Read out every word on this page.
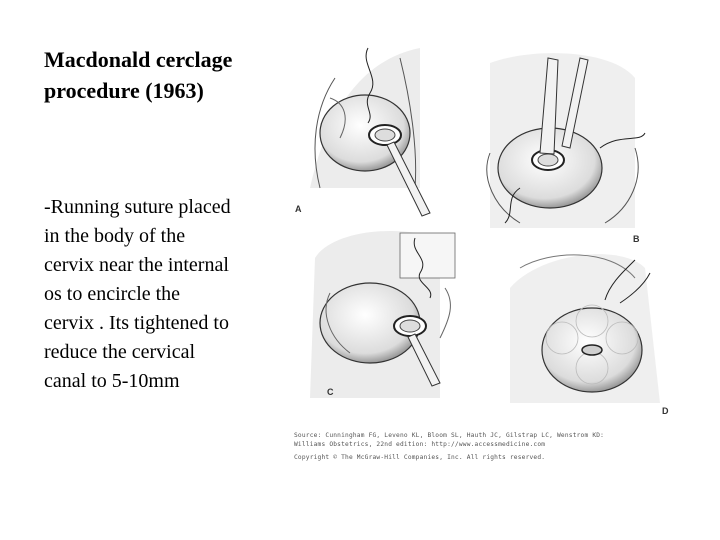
Macdonald cerclage
procedure (1963)
-Running suture placed
in the body of the
cervix near the internal
os to encircle the
cervix . Its tightened to
reduce the cervical
canal to 5-10mm
A
B
C
D
Source: Cunningham FG, Leveno KL, Bloom SL, Hauth JC, Gilstrap LC, Wenstrom KD:
Williams Obstetrics, 22nd edition: http://www.accessmedicine.com
Copyright © The McGraw-Hill Companies, Inc. All rights reserved.
